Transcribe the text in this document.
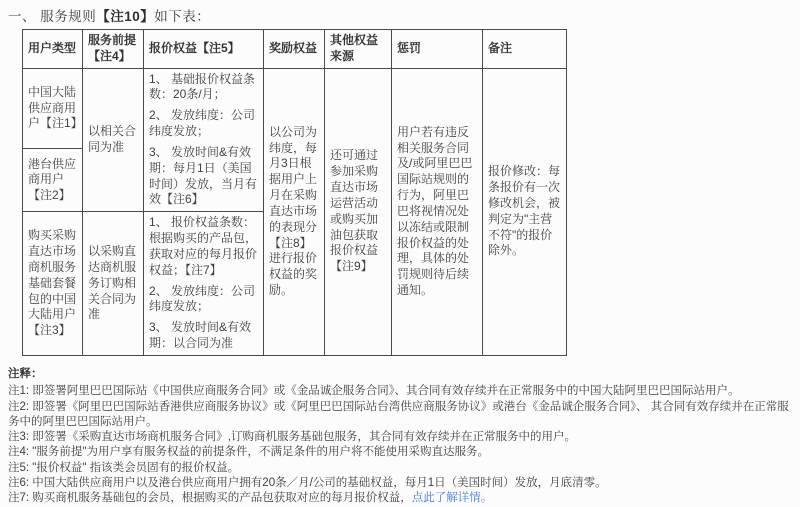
一、 服务规则【注10】如下表：
用户类型	服务前提【注4】	报价权益【注5】	奖励权益	其他权益来源	惩罚	备注
中国大陆供应商用户【注1】	以相关合同为准	1、 基础报价权益条数：20条/月；

2、 发放纬度：公司纬度发放；

3、 发放时间&有效期：每月1日（美国时间）发放，当月有效【注6】	以公司为纬度，每月3日根据用户上月在采购直达市场的表现分【注8】进行报价权益的奖励。	还可通过参加采购直达市场运营活动或购买加油包获取报价权益【注9】	用户若有违反相关服务合同及/或阿里巴巴国际站规则的行为，阿里巴巴将视情况处以冻结或限制报价权益的处理，具体的处罚规则待后续通知。	报价修改：每条报价有一次修改机会，被判定为"主营不符"的报价除外。
港台供应商用户【注2】						
购买采购直达市场商机服务基础套餐包的中国大陆用户【注3】	以采购直达商机服务订购相关合同为准	1、 报价权益条数：根据购买的产品包，获取对应的每月报价权益；【注7】

2、 发放纬度：公司纬度发放；

3、 发放时间&有效期：以合同为准				

注释：
注1: 即签署阿里巴巴国际站《中国供应商服务合同》或《金品诚企服务合同》、其合同有效存续并在正常服务中的中国大陆阿里巴巴国际站用户。
注2: 即签署《阿里巴巴国际站香港供应商服务协议》或《阿里巴巴国际站台湾供应商服务协议》或港台《金品诚企服务合同》、 其合同有效存续并在正常服务中的阿里巴巴国际站用户。
注3: 即签署《采购直达市场商机服务合同》,订购商机服务基础包服务，其合同有效存续并在正常服务中的用户。
注4: "服务前提"为用户享有服务权益的前提条件，不满足条件的用户将不能使用采购直达服务。
注5: "报价权益" 指该类会员固有的报价权益。
注6: 中国大陆供应商用户以及港台供应商用户拥有20条／月/公司的基础权益，每月1日（美国时间）发放，月底清零。
注7: 购买商机服务基础包的会员，根据购买的产品包获取对应的每月报价权益，点此了解详情。
